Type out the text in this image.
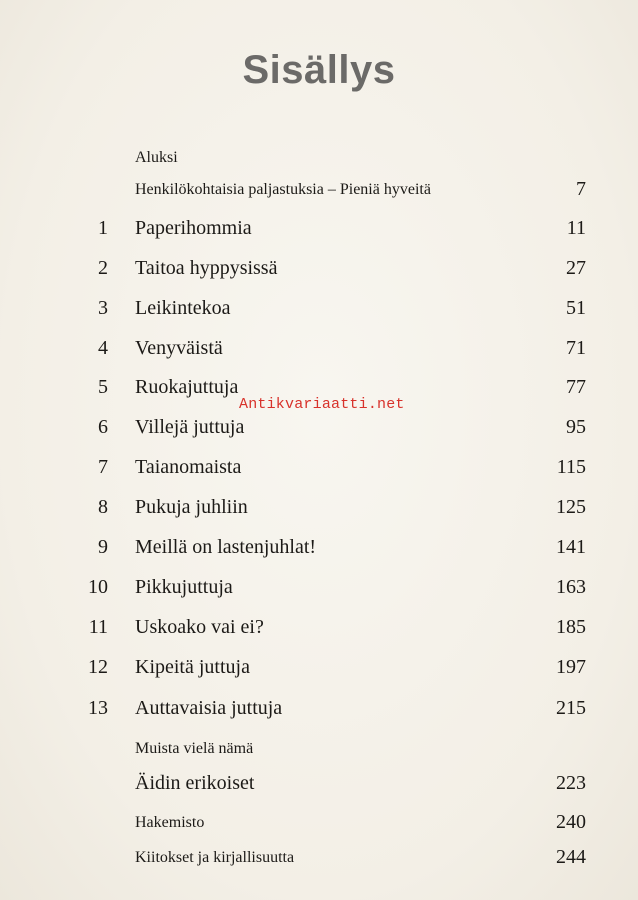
Sisällys
Aluksi
Henkilökohtaisia paljastuksia – Pieniä hyveitä	7
1 Paperihommia	11
2 Taitoa hyppysissä	27
3 Leikintekoa	51
4 Venyväistä	71
5 Ruokajuttuja	77
6 Villejä juttuja	95
7 Taianomaista	115
8 Pukuja juhliin	125
9 Meillä on lastenjuhlat!	141
10 Pikkujuttuja	163
11 Uskoako vai ei?	185
12 Kipeitä juttuja	197
13 Auttavaisia juttuja	215
Muista vielä nämä
Äidin erikoiset	223
Hakemisto	240
Kiitokset ja kirjallisuutta	244
Antikvariaatti.net
